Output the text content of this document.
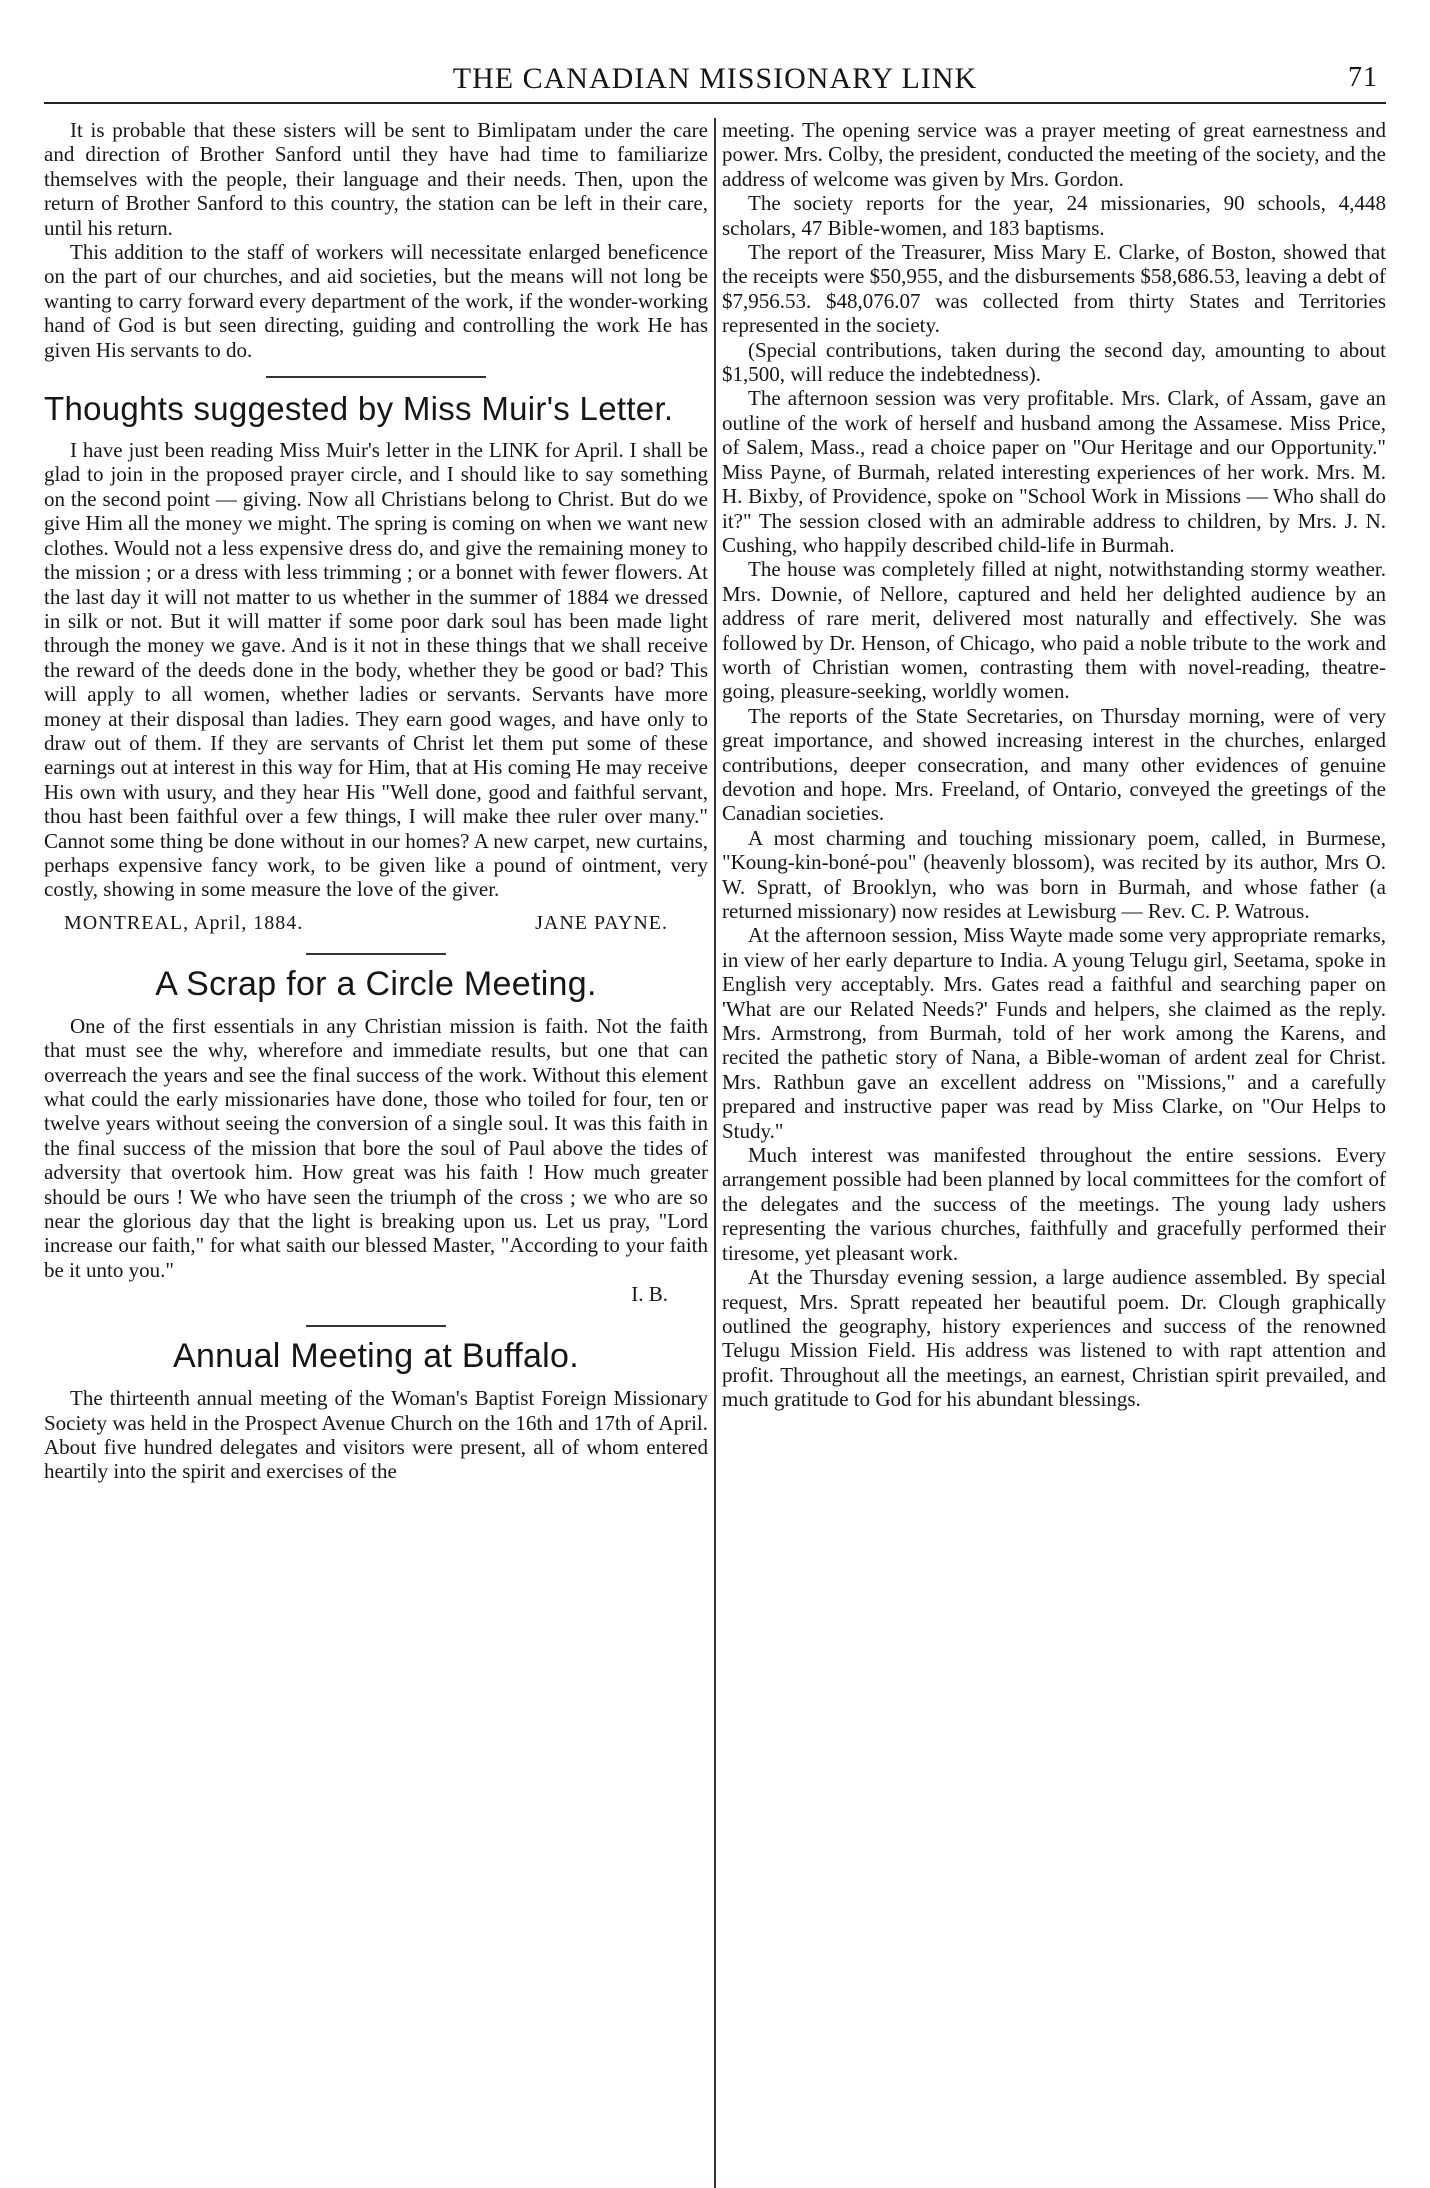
THE CANADIAN MISSIONARY LINK	71

It is probable that these sisters will be sent to Bimlipatam under the care and direction of Brother Sanford until they have had time to familiarize themselves with the people, their language and their needs. Then, upon the return of Brother Sanford to this country, the station can be left in their care, until his return.

This addition to the staff of workers will necessitate enlarged beneficence on the part of our churches, and aid societies, but the means will not long be wanting to carry forward every department of the work, if the wonder-working hand of God is but seen directing, guiding and controlling the work He has given His servants to do.

Thoughts suggested by Miss Muir's Letter.

I have just been reading Miss Muir's letter in the LINK for April. I shall be glad to join in the proposed prayer circle, and I should like to say something on the second point — giving. Now all Christians belong to Christ. But do we give Him all the money we might. The spring is coming on when we want new clothes. Would not a less expensive dress do, and give the remaining money to the mission ; or a dress with less trimming ; or a bonnet with fewer flowers. At the last day it will not matter to us whether in the summer of 1884 we dressed in silk or not. But it will matter if some poor dark soul has been made light through the money we gave. And is it not in these things that we shall receive the reward of the deeds done in the body, whether they be good or bad? This will apply to all women, whether ladies or servants. Servants have more money at their disposal than ladies. They earn good wages, and have only to draw out of them. If they are servants of Christ let them put some of these earnings out at interest in this way for Him, that at His coming He may receive His own with usury, and they hear His "Well done, good and faithful servant, thou hast been faithful over a few things, I will make thee ruler over many." Cannot some thing be done without in our homes? A new carpet, new curtains, perhaps expensive fancy work, to be given like a pound of ointment, very costly, showing in some measure the love of the giver.

MONTREAL, April, 1884.	JANE PAYNE.
A Scrap for a Circle Meeting.

One of the first essentials in any Christian mission is faith. Not the faith that must see the why, wherefore and immediate results, but one that can overreach the years and see the final success of the work. Without this element what could the early missionaries have done, those who toiled for four, ten or twelve years without seeing the conversion of a single soul. It was this faith in the final success of the mission that bore the soul of Paul above the tides of adversity that overtook him. How great was his faith ! How much greater should be ours ! We who have seen the triumph of the cross ; we who are so near the glorious day that the light is breaking upon us. Let us pray, "Lord increase our faith," for what saith our blessed Master, "According to your faith be it unto you."

I. B.
Annual Meeting at Buffalo.

The thirteenth annual meeting of the Woman's Baptist Foreign Missionary Society was held in the Prospect Avenue Church on the 16th and 17th of April. About five hundred delegates and visitors were present, all of whom entered heartily into the spirit and exercises of the

meeting. The opening service was a prayer meeting of great earnestness and power. Mrs. Colby, the president, conducted the meeting of the society, and the address of welcome was given by Mrs. Gordon.

The society reports for the year, 24 missionaries, 90 schools, 4,448 scholars, 47 Bible-women, and 183 baptisms.

The report of the Treasurer, Miss Mary E. Clarke, of Boston, showed that the receipts were $50,955, and the disbursements $58,686.53, leaving a debt of $7,956.53. $48,076.07 was collected from thirty States and Territories represented in the society.

(Special contributions, taken during the second day, amounting to about $1,500, will reduce the indebtedness).

The afternoon session was very profitable. Mrs. Clark, of Assam, gave an outline of the work of herself and husband among the Assamese. Miss Price, of Salem, Mass., read a choice paper on "Our Heritage and our Opportunity." Miss Payne, of Burmah, related interesting experiences of her work. Mrs. M. H. Bixby, of Providence, spoke on "School Work in Missions — Who shall do it?" The session closed with an admirable address to children, by Mrs. J. N. Cushing, who happily described child-life in Burmah.

The house was completely filled at night, notwithstanding stormy weather. Mrs. Downie, of Nellore, captured and held her delighted audience by an address of rare merit, delivered most naturally and effectively. She was followed by Dr. Henson, of Chicago, who paid a noble tribute to the work and worth of Christian women, contrasting them with novel-reading, theatre-going, pleasure-seeking, worldly women.

The reports of the State Secretaries, on Thursday morning, were of very great importance, and showed increasing interest in the churches, enlarged contributions, deeper consecration, and many other evidences of genuine devotion and hope. Mrs. Freeland, of Ontario, conveyed the greetings of the Canadian societies.

A most charming and touching missionary poem, called, in Burmese, "Koung-kin-boné-pou" (heavenly blossom), was recited by its author, Mrs O. W. Spratt, of Brooklyn, who was born in Burmah, and whose father (a returned missionary) now resides at Lewisburg — Rev. C. P. Watrous.

At the afternoon session, Miss Wayte made some very appropriate remarks, in view of her early departure to India. A young Telugu girl, Seetama, spoke in English very acceptably. Mrs. Gates read a faithful and searching paper on 'What are our Related Needs?' Funds and helpers, she claimed as the reply. Mrs. Armstrong, from Burmah, told of her work among the Karens, and recited the pathetic story of Nana, a Bible-woman of ardent zeal for Christ. Mrs. Rathbun gave an excellent address on "Missions," and a carefully prepared and instructive paper was read by Miss Clarke, on "Our Helps to Study."

Much interest was manifested throughout the entire sessions. Every arrangement possible had been planned by local committees for the comfort of the delegates and the success of the meetings. The young lady ushers representing the various churches, faithfully and gracefully performed their tiresome, yet pleasant work.

At the Thursday evening session, a large audience assembled. By special request, Mrs. Spratt repeated her beautiful poem. Dr. Clough graphically outlined the geography, history experiences and success of the renowned Telugu Mission Field. His address was listened to with rapt attention and profit. Throughout all the meetings, an earnest, Christian spirit prevailed, and much gratitude to God for his abundant blessings.
